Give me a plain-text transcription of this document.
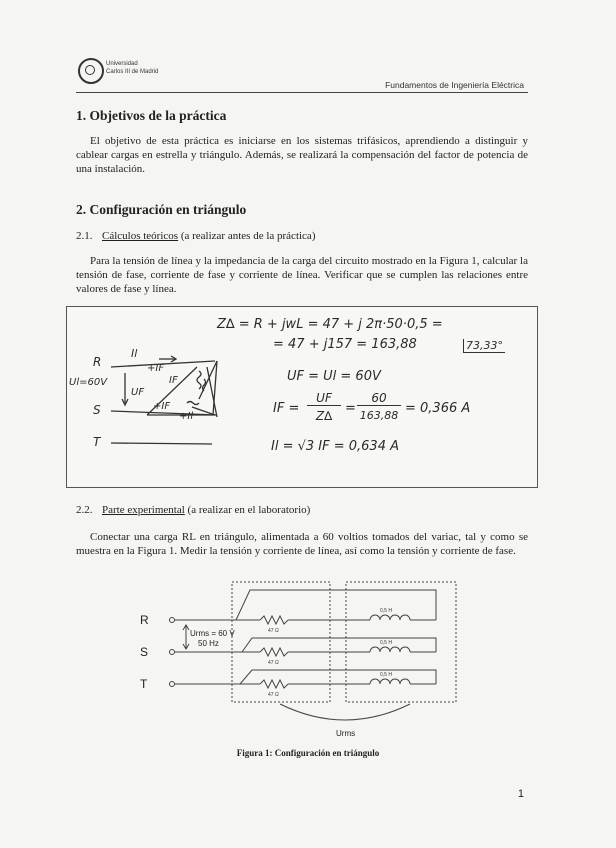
Universidad
Carlos III de Madrid
Fundamentos de Ingeniería Eléctrica
1. Objetivos de la práctica
El objetivo de esta práctica es iniciarse en los sistemas trifásicos, aprendiendo a distinguir y cablear cargas en estrella y triángulo. Además, se realizará la compensación del factor de potencia de una instalación.
2. Configuración en triángulo
2.1. Cálculos teóricos (a realizar antes de la práctica)
Para la tensión de línea y la impedancia de la carga del circuito mostrado en la Figura 1, calcular la tensión de fase, corriente de fase y corriente de línea. Verificar que se cumplen las relaciones entre valores de fase y línea.
R
S
T
Il
+IF
IF
Ul=60V
UF
+IF
+Il
Z∆ = R + jwL = 47 + j 2π·50·0,5 =
= 47 + j157 = 163,88	73,33°
UF = Ul = 60V
IF =
UF
Z∆ =
60
163,88 = 0,366 A
Il = √3 IF = 0,634 A
2.2. Parte experimental (a realizar en el laboratorio)
Conectar una carga RL en triángulo, alimentada a 60 voltios tomados del variac, tal y como se muestra en la Figura 1. Medir la tensión y corriente de línea, así como la tensión y corriente de fase.
R
S
T
Urms = 60 V
50 Hz
47 Ω
47 Ω
47 Ω
0,5 H
0,5 H
0,5 H
Urms
Figura 1: Configuración en triángulo
1
